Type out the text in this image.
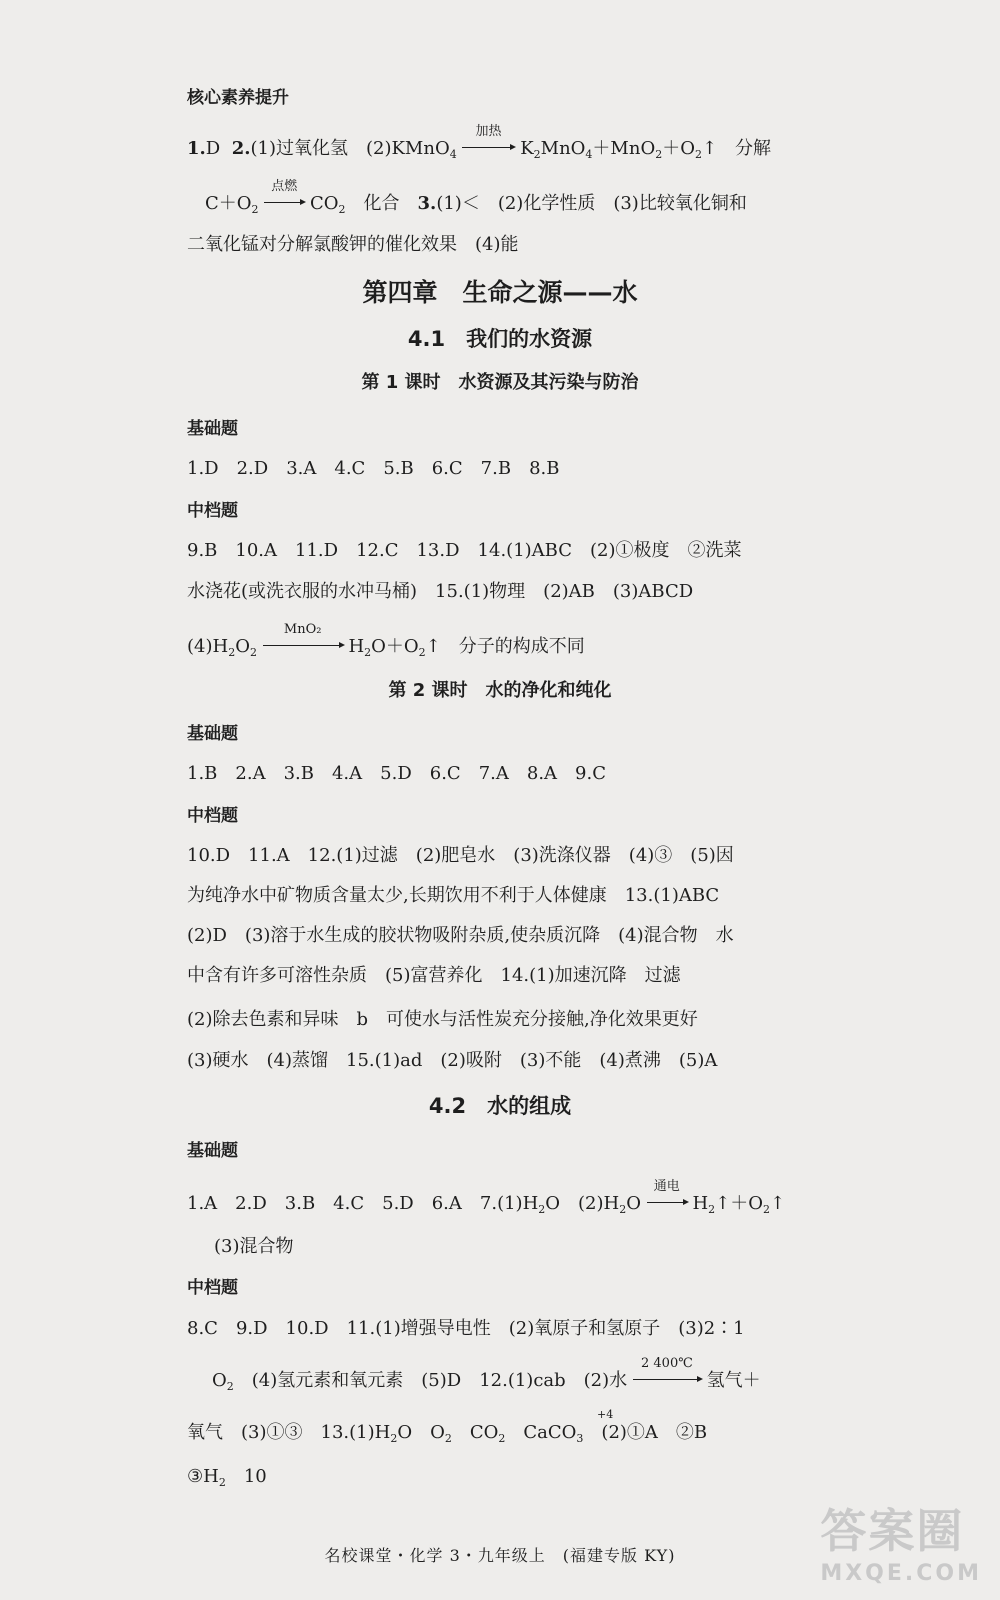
核心素养提升
1.D 2.(1)过氧化氢　(2)KMnO$_4$
加热
$K_2MnO_4+MnO_2+O_2↑$　分解
$C+O_2$
点燃
$CO_2$　化合　3.(1)＜　(2)化学性质　(3)比较氧化铜和
二氧化锰对分解氯酸钾的催化效果　(4)能
第四章　生命之源——水
4.1　我们的水资源
第 1 课时　水资源及其污染与防治
基础题
1.D　2.D　3.A　4.C　5.B　6.C　7.B　8.B
中档题
9.B　10.A　11.D　12.C　13.D　14.(1)ABC　(2)①极度　②洗菜
水浇花(或洗衣服的水冲马桶)　15.(1)物理　(2)AB　(3)ABCD
$(4)H_2O_2$
MnO₂
$H_2O+O_2↑$　分子的构成不同
第 2 课时　水的净化和纯化
基础题
1.B　2.A　3.B　4.A　5.D　6.C　7.A　8.A　9.C
中档题
10.D　11.A　12.(1)过滤　(2)肥皂水　(3)洗涤仪器　(4)③　(5)因
为纯净水中矿物质含量太少,长期饮用不利于人体健康　13.(1)ABC
(2)D　(3)溶于水生成的胶状物吸附杂质,使杂质沉降　(4)混合物　水
中含有许多可溶性杂质　(5)富营养化　14.(1)加速沉降　过滤
(2)除去色素和异味　b　可使水与活性炭充分接触,净化效果更好
(3)硬水　(4)蒸馏　15.(1)ad　(2)吸附　(3)不能　(4)煮沸　(5)A
4.2　水的组成
基础题
1.A　2.D　3.B　4.C　5.D　6.A　$7.(1)H_2O$　$(2)H_2O$
通电
$H_2↑+O_2↑$
(3)混合物
中档题
8.C　9.D　10.D　11.(1)增强导电性　(2)氧原子和氢原子　(3)2∶1
$O_2$　(4)氢元素和氧元素　(5)D　12.(1)cab　(2)水
2 400℃
氢气＋
氧气　(3)①③　$13.(1)H_2O$　$O_2$　$CO_2$　CaCO$_3$　(2)①A　②B
+4
$③H_2$　10
名校课堂・化学 3・九年级上　(福建专版 KY)	答案圈
MXQE.COM
